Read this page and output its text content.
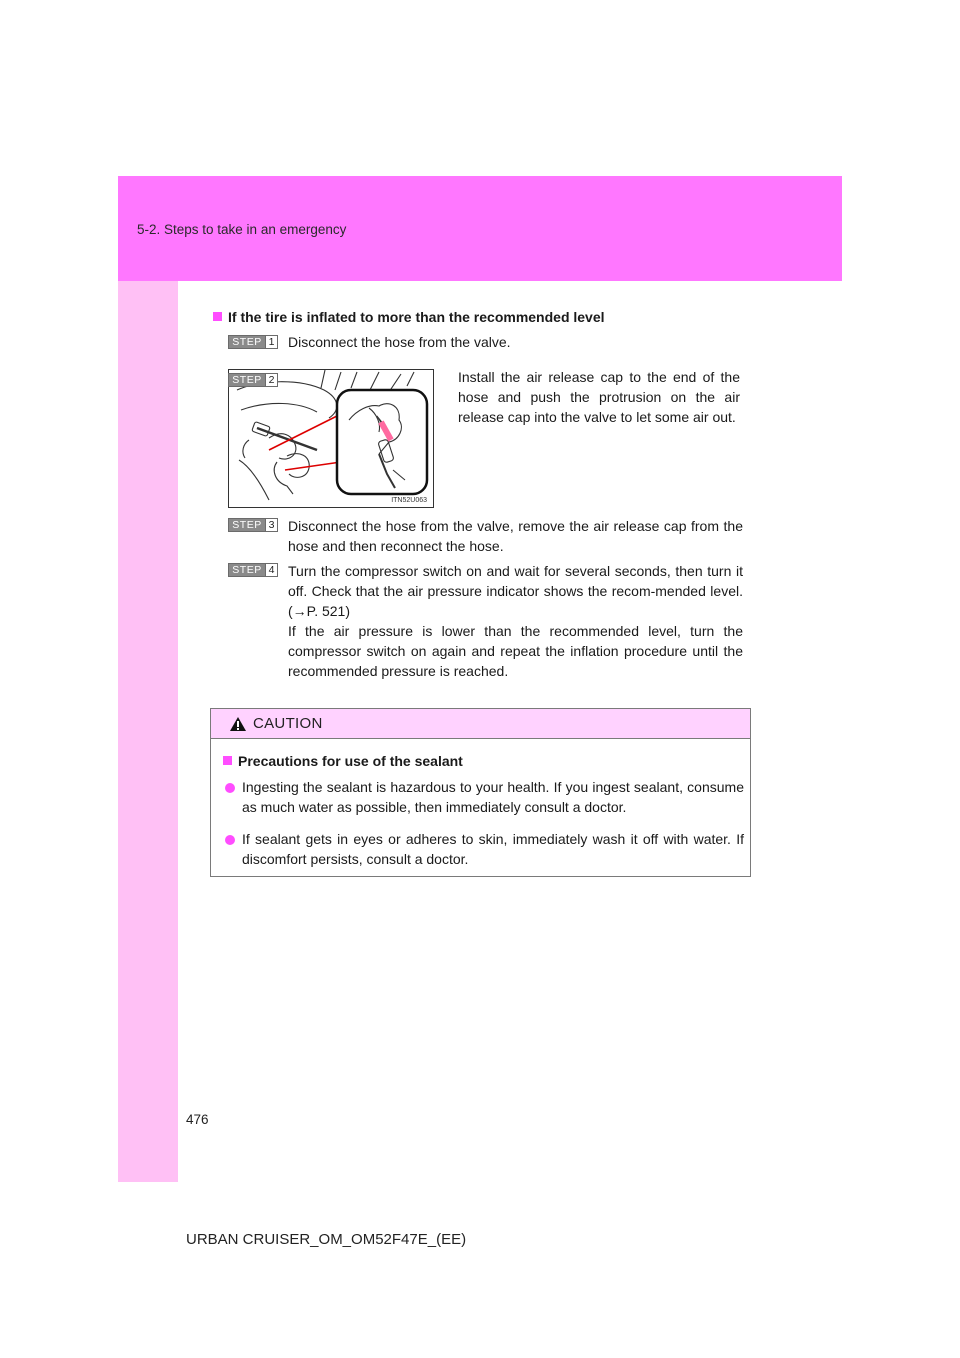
5-2. Steps to take in an emergency
If the tire is inflated to more than the recommended level
STEP 1 Disconnect the hose from the valve.
STEP 2
ITN52U063
Install the air release cap to the end of the hose and push the protrusion on the air release cap into the valve to let some air out.
STEP 3 Disconnect the hose from the valve, remove the air release cap from the hose and then reconnect the hose.
STEP 4 Turn the compressor switch on and wait for several seconds, then turn it off. Check that the air pressure indicator shows the recom-mended level. (→P. 521)
If the air pressure is lower than the recommended level, turn the compressor switch on again and repeat the inflation procedure until the recommended pressure is reached.
CAUTION
Precautions for use of the sealant
Ingesting the sealant is hazardous to your health. If you ingest sealant, consume as much water as possible, then immediately consult a doctor.
If sealant gets in eyes or adheres to skin, immediately wash it off with water. If discomfort persists, consult a doctor.
476
URBAN CRUISER_OM_OM52F47E_(EE)
